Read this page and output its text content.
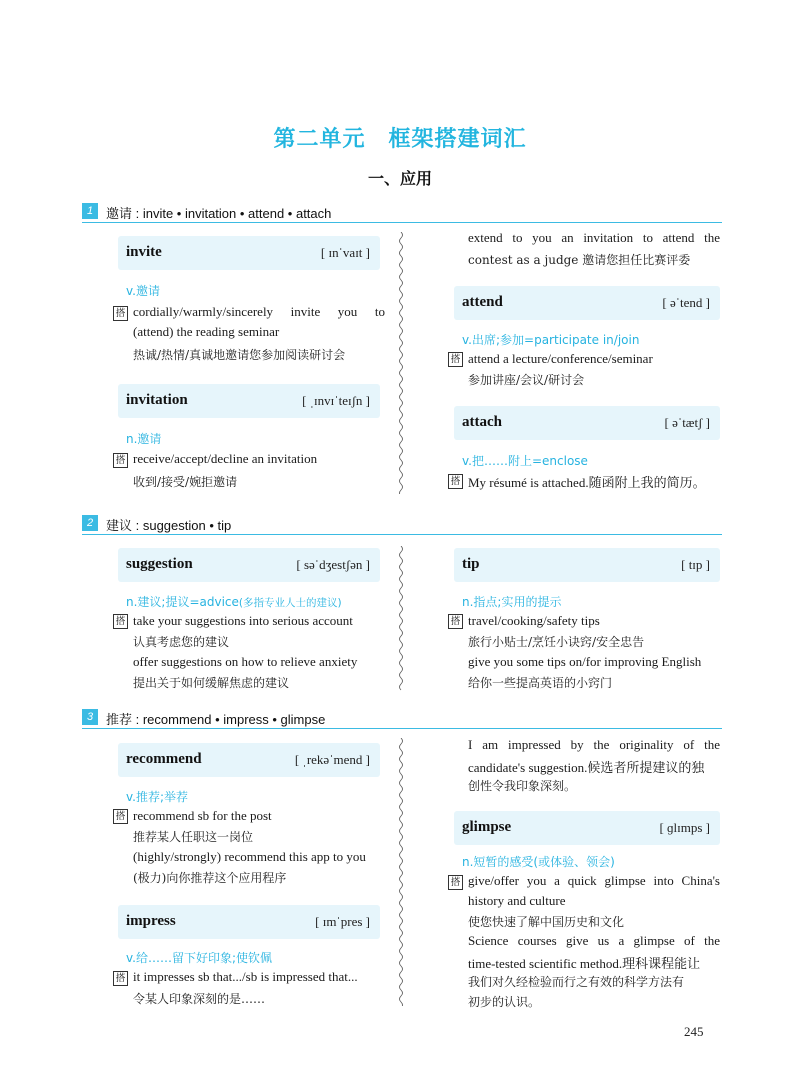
第二单元　框架搭建词汇
一、应用
1 邀请 : invite • invitation • attend • attach
2 建议 : suggestion • tip
3 推荐 : recommend • impress • glimpse
invite	[ ɪnˈvaɪt ]
v.邀请
搭 cordially/warmly/sincerely invite you to
(attend) the reading seminar
热诚/热情/真诚地邀请您参加阅读研讨会
invitation	[ ˌɪnvɪˈteɪʃn ]
n.邀请
搭 receive/accept/decline an invitation
收到/接受/婉拒邀请
extend to you an invitation to attend the
contest as a judge 邀请您担任比赛评委
attend	[ əˈtend ]
v.出席;参加=participate in/join
搭 attend a lecture/conference/seminar
参加讲座/会议/研讨会
attach	[ əˈtætʃ ]
v.把……附上=enclose
搭 My résumé is attached.随函附上我的简历。
suggestion	[ səˈdʒestʃən ]
n.建议;提议=advice(多指专业人士的建议)
搭 take your suggestions into serious account
认真考虑您的建议
offer suggestions on how to relieve anxiety
提出关于如何缓解焦虑的建议
tip	[ tɪp ]
n.指点;实用的提示
搭 travel/cooking/safety tips
旅行小贴士/烹饪小诀窍/安全忠告
give you some tips on/for improving English
给你一些提高英语的小窍门
recommend	[ ˌrekəˈmend ]
v.推荐;举荐
搭 recommend sb for the post
推荐某人任职这一岗位
(highly/strongly) recommend this app to you
(极力)向你推荐这个应用程序
impress	[ ɪmˈpres ]
v.给……留下好印象;使钦佩
搭 it impresses sb that.../sb is impressed that...
令某人印象深刻的是……
I am impressed by the originality of the
candidate's suggestion.候选者所提建议的独
创性令我印象深刻。
glimpse	[ ɡlɪmps ]
n.短暂的感受(或体验、领会)
搭 give/offer you a quick glimpse into China's
history and culture
使您快速了解中国历史和文化
Science courses give us a glimpse of the
time-tested scientific method.理科课程能让
我们对久经检验而行之有效的科学方法有
初步的认识。
245
